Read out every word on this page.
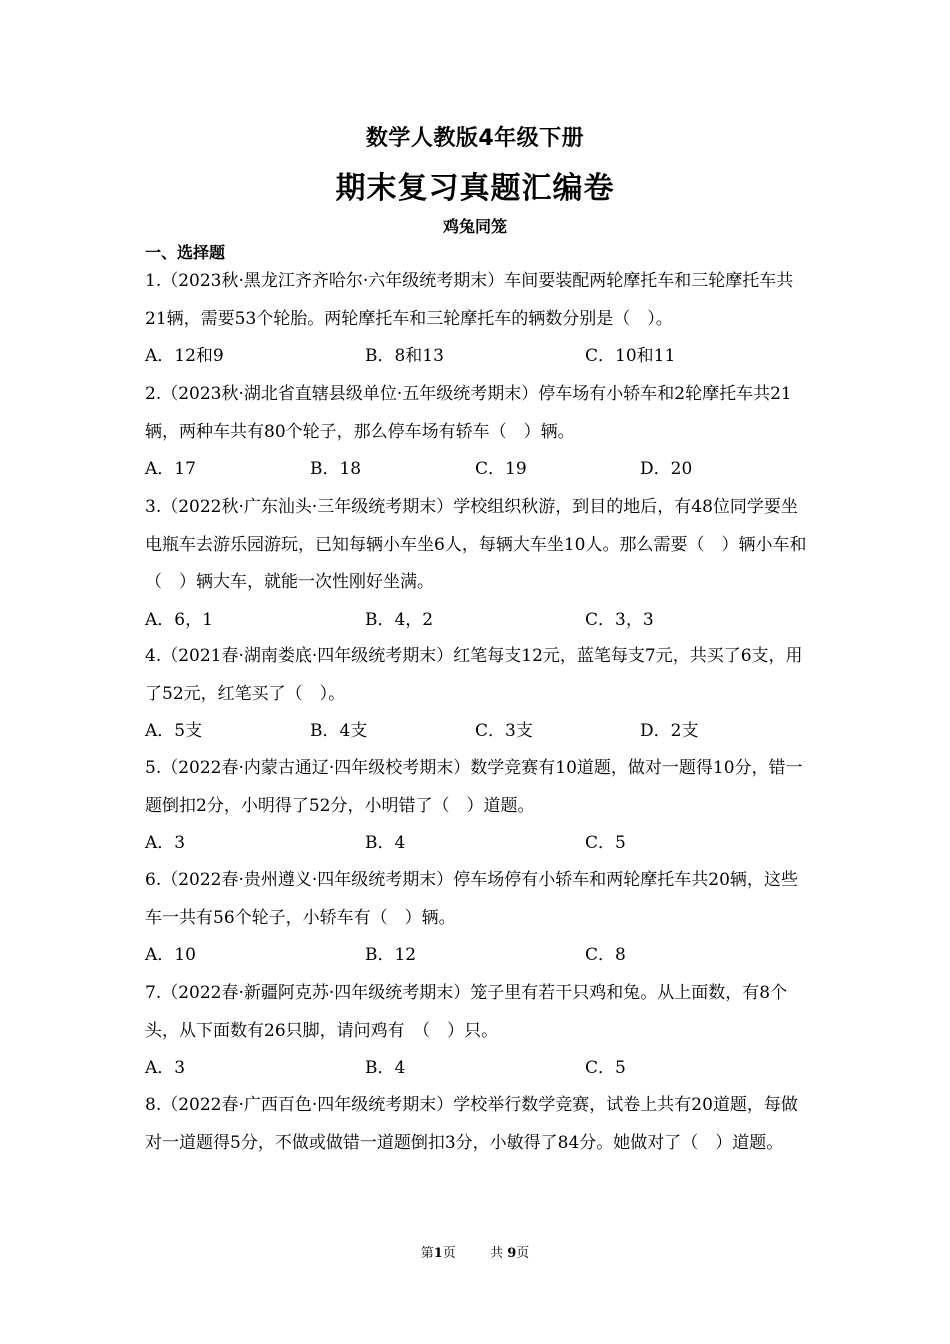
数学人教版4年级下册
期末复习真题汇编卷
鸡兔同笼
一、选择题
1.（2023秋·黑龙江齐齐哈尔·六年级统考期末）车间要装配两轮摩托车和三轮摩托车共21辆，需要53个轮胎。两轮摩托车和三轮摩托车的辆数分别是（　）。
A．12和9	B．8和13	C．10和11
2.（2023秋·湖北省直辖县级单位·五年级统考期末）停车场有小轿车和2轮摩托车共21辆，两种车共有80个轮子，那么停车场有轿车（　）辆。
A．17	B．18	C．19	D．20
3.（2022秋·广东汕头·三年级统考期末）学校组织秋游，到目的地后，有48位同学要坐电瓶车去游乐园游玩，已知每辆小车坐6人，每辆大车坐10人。那么需要（　）辆小车和（　）辆大车，就能一次性刚好坐满。
A．6，1	B．4，2	C．3，3
4.（2021春·湖南娄底·四年级统考期末）红笔每支12元，蓝笔每支7元，共买了6支，用了52元，红笔买了（　）。
A．5支	B．4支	C．3支	D．2支
5.（2022春·内蒙古通辽·四年级校考期末）数学竞赛有10道题，做对一题得10分，错一题倒扣2分，小明得了52分，小明错了（　）道题。
A．3	B．4	C．5
6.（2022春·贵州遵义·四年级统考期末）停车场停有小轿车和两轮摩托车共20辆，这些车一共有56个轮子，小轿车有（　）辆。
A．10	B．12	C．8
7.（2022春·新疆阿克苏·四年级统考期末）笼子里有若干只鸡和兔。从上面数，有8个头，从下面数有26只脚，请问鸡有　（　）只。
A．3	B．4	C．5
8.（2022春·广西百色·四年级统考期末）学校举行数学竞赛，试卷上共有20道题，每做对一道题得5分，不做或做错一道题倒扣3分，小敏得了84分。她做对了（　）道题。
第1页	共 9页
